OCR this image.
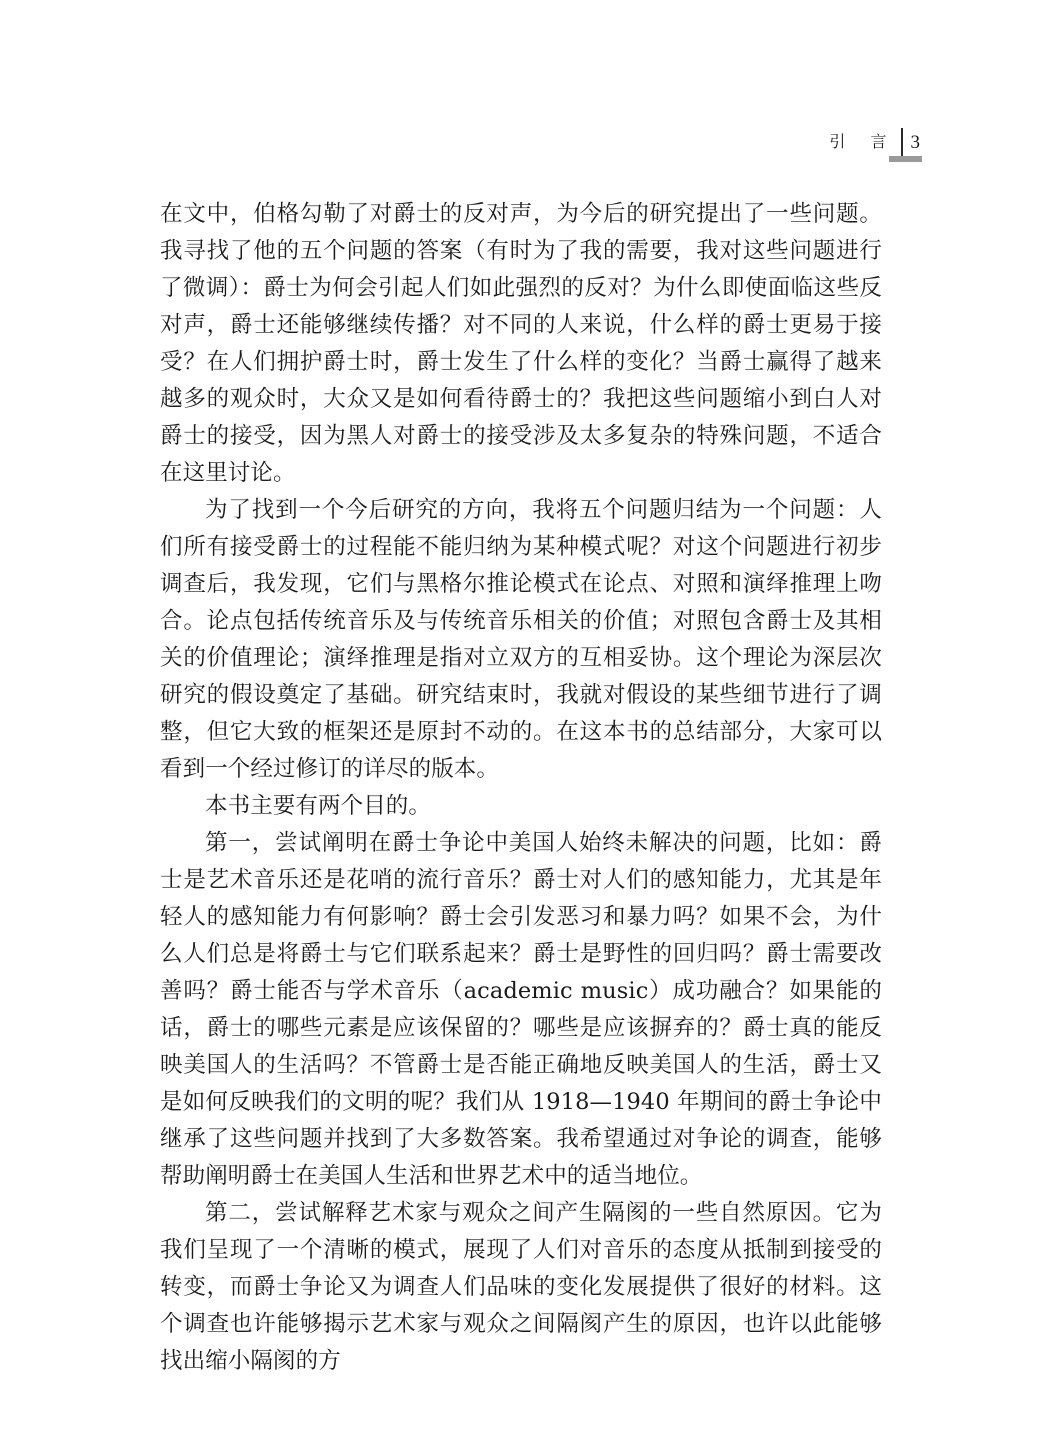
引 言 3

在文中，伯格勾勒了对爵士的反对声，为今后的研究提出了一些问题。我寻找了他的五个问题的答案（有时为了我的需要，我对这些问题进行了微调）：爵士为何会引起人们如此强烈的反对？为什么即使面临这些反对声，爵士还能够继续传播？对不同的人来说，什么样的爵士更易于接受？在人们拥护爵士时，爵士发生了什么样的变化？当爵士赢得了越来越多的观众时，大众又是如何看待爵士的？我把这些问题缩小到白人对爵士的接受，因为黑人对爵士的接受涉及太多复杂的特殊问题，不适合在这里讨论。

为了找到一个今后研究的方向，我将五个问题归结为一个问题：人们所有接受爵士的过程能不能归纳为某种模式呢？对这个问题进行初步调查后，我发现，它们与黑格尔推论模式在论点、对照和演绎推理上吻合。论点包括传统音乐及与传统音乐相关的价值；对照包含爵士及其相关的价值理论；演绎推理是指对立双方的互相妥协。这个理论为深层次研究的假设奠定了基础。研究结束时，我就对假设的某些细节进行了调整，但它大致的框架还是原封不动的。在这本书的总结部分，大家可以看到一个经过修订的详尽的版本。

本书主要有两个目的。

第一，尝试阐明在爵士争论中美国人始终未解决的问题，比如：爵士是艺术音乐还是花哨的流行音乐？爵士对人们的感知能力，尤其是年轻人的感知能力有何影响？爵士会引发恶习和暴力吗？如果不会，为什么人们总是将爵士与它们联系起来？爵士是野性的回归吗？爵士需要改善吗？爵士能否与学术音乐（academic music）成功融合？如果能的话，爵士的哪些元素是应该保留的？哪些是应该摒弃的？爵士真的能反映美国人的生活吗？不管爵士是否能正确地反映美国人的生活，爵士又是如何反映我们的文明的呢？我们从 1918—1940 年期间的爵士争论中继承了这些问题并找到了大多数答案。我希望通过对争论的调查，能够帮助阐明爵士在美国人生活和世界艺术中的适当地位。

第二，尝试解释艺术家与观众之间产生隔阂的一些自然原因。它为我们呈现了一个清晰的模式，展现了人们对音乐的态度从抵制到接受的转变，而爵士争论又为调查人们品味的变化发展提供了很好的材料。这个调查也许能够揭示艺术家与观众之间隔阂产生的原因，也许以此能够找出缩小隔阂的方
